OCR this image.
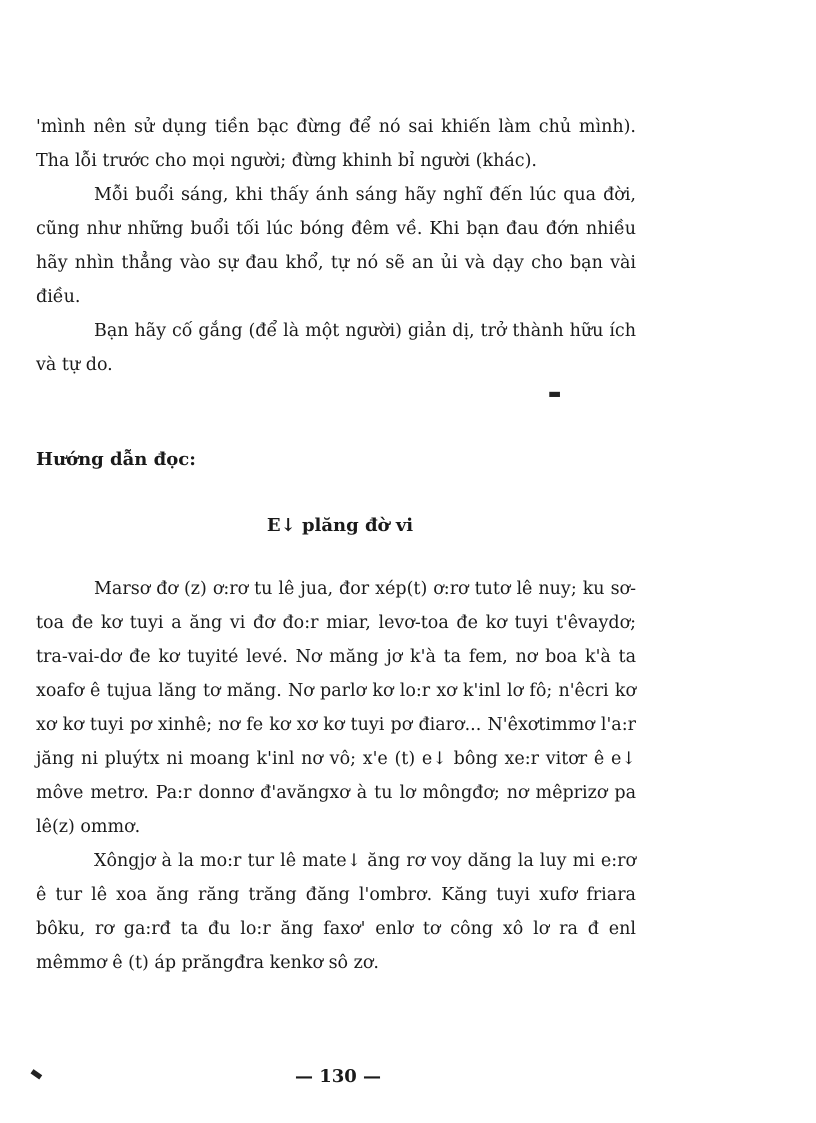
'mình nên sử dụng tiền bạc đừng để nó sai khiến làm chủ mình). Tha lỗi trước cho mọi người; đừng khinh bỉ người (khác).

Mỗi buổi sáng, khi thấy ánh sáng hãy nghĩ đến lúc qua đời, cũng như những buổi tối lúc bóng đêm về. Khi bạn đau đớn nhiều hãy nhìn thẳng vào sự đau khổ, tự nó sẽ an ủi và dạy cho bạn vài điều.

Bạn hãy cố gắng (để là một người) giản dị, trở thành hữu ích và tự do.

Hướng dẫn đọc:

E↓ plăng đờ vi

Marsơ đơ (z) ơ:rơ tu lê jua, đor xép(t) ơ:rơ tutơ lê nuy; ku sơ-toa đe kơ tuyi a ăng vi đơ đo:r miar, levơ-toa đe kơ tuyi t'êvaydơ; tra-vai-dơ đe kơ tuyité levé. Nơ măng jơ k'à ta fem, nơ boa k'à ta xoafơ ê tujua lăng tơ măng. Nơ parlơ kơ lo:r xơ k'inl lơ fô; n'êcri kơ xơ kơ tuyi pơ xinhê; nơ fe kơ xơ kơ tuyi pơ điarơ... N'êxơtimmơ l'a:r jăng ni pluýtx ni moang k'inl nơ vô; x'e (t) e↓ bông xe:r vitơr ê e↓ môve metrơ. Pa:r donnơ đ'avăngxơ à tu lơ môngđơ; nơ mêprizơ pa lê(z) ommơ.

Xôngjơ à la mo:r tur lê mate↓ ăng rơ voy dăng la luy mi e:rơ ê tur lê xoa ăng răng trăng đăng l'ombrơ. Kăng tuyi xufơ friara bôku, rơ ga:rđ ta đu lo:r ăng faxơ' enlơ tơ công xô lơ ra đ enl mêmmơ ê (t) áp prăngđra kenkơ sô zơ.

— 130 —

▬
▬
